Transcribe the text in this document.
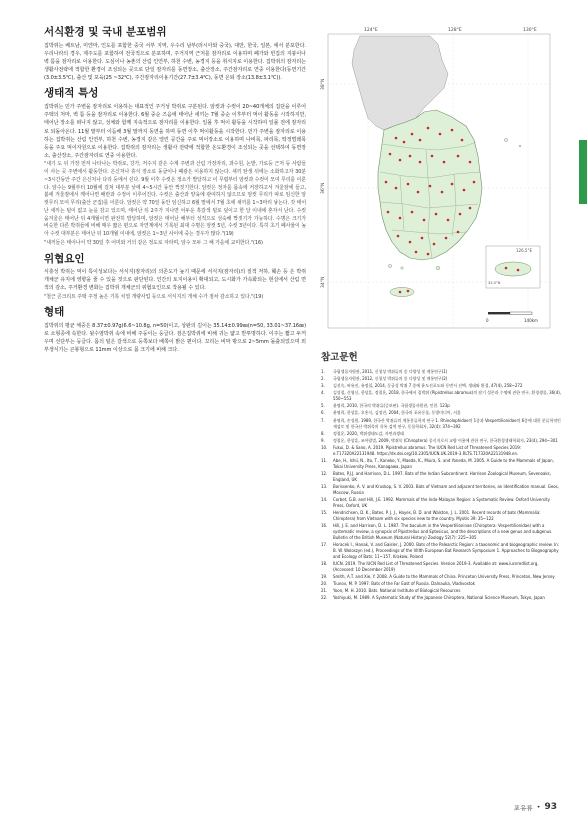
서식환경 및 국내 분포범위

집박쥐는 베트남, 미얀마, 인도를 포함한 중국 서부 지역, 우수리 남부(러시아와 중국), 대만, 한국, 일본, 에서 분포한다. 우리나라의 경우, 제주도를 포함하여 전국적으로 분포하며, 주거지역 근처를 잠자리로 이용하며 폐가와 빈집의 지붕이나 벽 틈을 잠자리로 이용한다. 도심이나 농촌의 산림 인연부, 하천 수변, 농경지 등을 취식지로 이용한다. 집박쥐의 잠자리는 생활사전략에 적합한 환경이 조성되는 곳으로 단일 잠자리를 동면장소, 출산장소, 주간잠자리로 연중 이용한다(동면기간(3.0±3.5℃), 출산 및 포육(25 ~32℃), 주간잠자리이용기간(27.7±3.4℃), 동면 온퇴 장소(13.8±3.1℃)).

생태적 특성

집박쥐는 민가 주변을 잠자리로 이용하는 대표적인 주거성 박쥐로 구분된다. 암컷과 수컷이 20~40개체의 집단을 이루어 주택의 처마, 벽 틈 등을 잠자리로 이용한다. 6월 중순 즈음에 태어난 새끼는 7월 중순 이후부터 먹이 활동을 시작하지만, 태어난 장소를 떠나지 않고, 성체와 함께 지속적으로 잠자리를 이용한다. 일몰 후 먹이 활동을 시작하여 일몰 전에 잠자리로 되돌아온다. 11월 말부터 이듬해 3월 말까지 동면을 하며 동면 이후 먹이활동을 시작한다. 민가 주변을 잠자리로 이용하는 집박쥐는 산림 인연부, 하천 수변, 농경지 같은 열린 공간을 주로 먹이장소로 이용하며 나비목, 파리목, 딱정벌레목 등을 주요 먹이자원으로 이용한다. 집박쥐의 잠자리는 생활사 전략에 적합한 온도환경이 조성되는 곳을 선택하여 동면장소, 출산장소, 주간잠자리로 연중 이용한다.

"새기 도 뒤 가장 먼저 나타나는 박쥐로, 강가, 저수지 같은 수계 주변과 산림 가장자리, 과수원, 논밭, 가로등 근처 등 사람들이 사는 곳 주변에서 활동한다. 은신처나 휴식 장소로 동굴이나 폐광은 이용하지 않는다. 새끼 탄생 뒤에는 소화하고자 30분~3시간동안 주간 은신처나 다리 등에서 쉰다. 9월 이후 수컷은 정소가 발달하고 이 무렵부터 암컷과 수컷이 모여 무리를 이룬다. 암수는 9월부터 10월에 걸쳐 대부분 낮에 4~5시간 동안 짝짓기한다. 암컷은 정자를 몸속에 저장하고서 겨울잠에 들고, 봄에 겨울잠에서 깨어나면 배란과 수정이 이루어진다. 수컷은 출산과 양육에 관여하지 않으므로 암컷 무리가 따로 임신한 암컷무리 모여 무리(출산 군집)를 이룬다. 암컷은 약 70일 동안 임신하고 6월 말에서 7월 초에 새끼를 1~3마리 낳는다. 갓 태어난 새끼는 털이 없고 눈을 감고 있으며, 태어난 뒤 2주가 지나면 어두운 흑갈색 털로 덮이고 한 달 이내에 혼자서 난다. 수컷 움겨울은 태어난 뒤 4개월이면 완전히 발달하며, 암컷은 태어난 해부터 성적으로 성숙해 짝짓기가 가능하다. 수명은 크기가 비슷한 다른 박쥐들에 비해 매우 짧은 편으로 자연계에서 기록된 최대 수명은 암컷 5년, 수컷 3년이다. 특히 초기 폐사율이 높아 수컷 대부분은 태어난 뒤 10개월 이내에, 암컷은 1~3년 사이에 죽는 경우가 많다."(19)

"새끼들은 태어나서 약 30일 후 어미와 거의 같은 정도로 자라며, 암수 모두 그 해 가을에 교미한다."(16)

위협요인

식충성 박쥐는 먹이 특이성보다는 서식지(잠자리)의 의존도가 높기 때문에 서식지(잠자리)의 질적 저하, 훼손 등 은 박쥐 개체군 유지에 영향을 줄 수 있을 것으로 판단된다. 인간의 토지이용이 확대되고, 도시화가 가속화되는 현실에서 산림 면적의 감소, 주거환경 변화는 집박쥐 개체군의 위협요인으로 작용될 수 있다.

"철근 콘크리트 주택 주정 높은 기록 치열 개량사업 등으로 서식지의 개체 수가 점차 감소하고 있다."(19)

형태

집박쥐의 평균 체중은 8.37±0.97g(6.6~10.8g, n=50)이고, 상완의 길이는 35.14±0.99㎜(n=50, 33.01~37.16㎜)로 소형종에 속한다. 뒷수염박쥐 속에 비해 주둥이는 둥글다. 검은집박쥐에 비해 귀는 얇고 반투명하다. 이주는 짧고 두꺼우며 선단부는 둥글다. 몸의 털은 갈색으로 등쪽보다 배쪽이 밝은 편이다. 꼬리는 비막 밖으로 2~5mm 돌출되었으며 외부생식기는 곤봉형으로 11mm 이상으로 몸 크기에 비해 크다.

126.5°E
33.5°N
124°E	128°E	130°E
38°N
36°N
34°N
0	140km
참고문헌
1.	국립생물자원관, 2011, 신청성 박쥐류의 종 다양성 및 계통연구(1)
2.	국립생물자원관, 2012, 신청성 박쥐류의 종 다양성 및 계통연구(2)
3.	김선숙, 허유진, 유정칠, 2014, 동굴성 박쥐 7 종에 윤도선포도와 동면저 선택. 생태와 환경, 47(4), 258~272
4.	김성철, 신영신, 한상훈, 정철운, 2018, 한국에서 집박쥐 (Pipistrellus abramus)의 잠기 성존과 수명에 관한 연구, 환경생물, 36(4), 550~553
5.	윤명희, 2010, 한국의 박쥐류(증보판). 국립생물자원관, 인천. 123p
6.	윤명희, 한상훈, 오홍식, 김정진, 2004, 한국의 포유동물, 동방미디어, 서울
7.	윤명희, 손성원, 1989, 한국산 박쥐류의 계통분류학적 연구 1. Rhinolophidae의 1종과 Vespertilionidae의 6종에 대한 분류학적인 재검토 및 한국산 박쥐목의 목록 검색 연구, 동물학회지, 32(4): 374~392
8.	정철운, 2020, 박쥐생태도감, 자연과생태
9.	정철운, 한상훈, 조아랑벌, 2009, 박쥐목 (Chiroptera) 종식지로서 교량 이용에 관한 연구, 한국환경생태학회지, 23(4), 294~301
10.	Fukui, D. & Sano, A. 2019. Pipistrellus abramus. The IUCN Red List of Threatened Species 2019: e.T17320A22131948. https://dx.doi.org/10.2305/IUCN.UK.2019-3.RLTS.T17320A22131948.en.
11.	Abe, H., Ishii, N., Ito, T., Kaneko, Y., Maeda, K., Miura, S. and Yoneda, M. 2005. A Guide to the Mammals of Japan, Tokai University Press, Kanagawa, Japan
12.	Bates, P.J.J. and Harrison, D.L. 1997. Bats of the Indian Subcontinent. Harrison Zoological Museum, Sevenoaks, England, UK
13.	Borissenko, A. V. and Kruskop, S. V. 2003. Bats of Vietnam and adjacent territories, an identification manual. Geos, Moscow, Russia
14.	Corbet, G.B. and Hill, J.E. 1992. Mammals of the Indo-Malayan Region: a Systematic Review. Oxford University Press, Oxford, UK
15.	Hendrichsen, D. K., Bates, P. J. J., Hayes, B. D. and Walston, J. L. 2001. Recent records of bats (Mammalia: Chiroptera) from Vietnam with six species new to the country. Myotis 39: 35~122
16.	Hill, J. E. and Harrison, D. L. 1987. The baculum in the Vespertilioninae (Chiroptera: Vespertilionidae) with a systematic review, a synopsis of Pipistrellus and Eptesicus, and the descriptions of a new genus and subgenus. Bulletin of the British Museum (Natural History) Zoology 52(7): 225~305
17.	Horacek I., Hanak, V. and Gaisler, J. 2000. Bats of the Palearctic Region: a taxonomic and biogeographic review. In: B. W. Woloszyn (ed.), Proceedings of the VIIIth European Bat Research Symposium 1. Approaches to Biogeography and Ecology of Bats: 11~157. Krakow, Poland
18.	IUCN. 2019. The IUCN Red List of Threatened Species. Version 2019-3. Available at: www.iucnredlist.org. (Accessed: 10 December 2019)
19.	Smith, A.T. and Xie, Y. 2008. A Guide to the Mammals of China. Princeton University Press, Princeton, New Jersey
20.	Tiunov, M. P. 1997. Bats of the Far East of Russia. Dalnauka, Vladivostok
21.	Yoon, M. H. 2010. Bats. National Institute of Biological Resources
22.	Yoshiyuki, M. 1989. A Systematic Study of the Japanese Chiroptera, National Science Museum, Tokyo, Japan
포유류 • 93
